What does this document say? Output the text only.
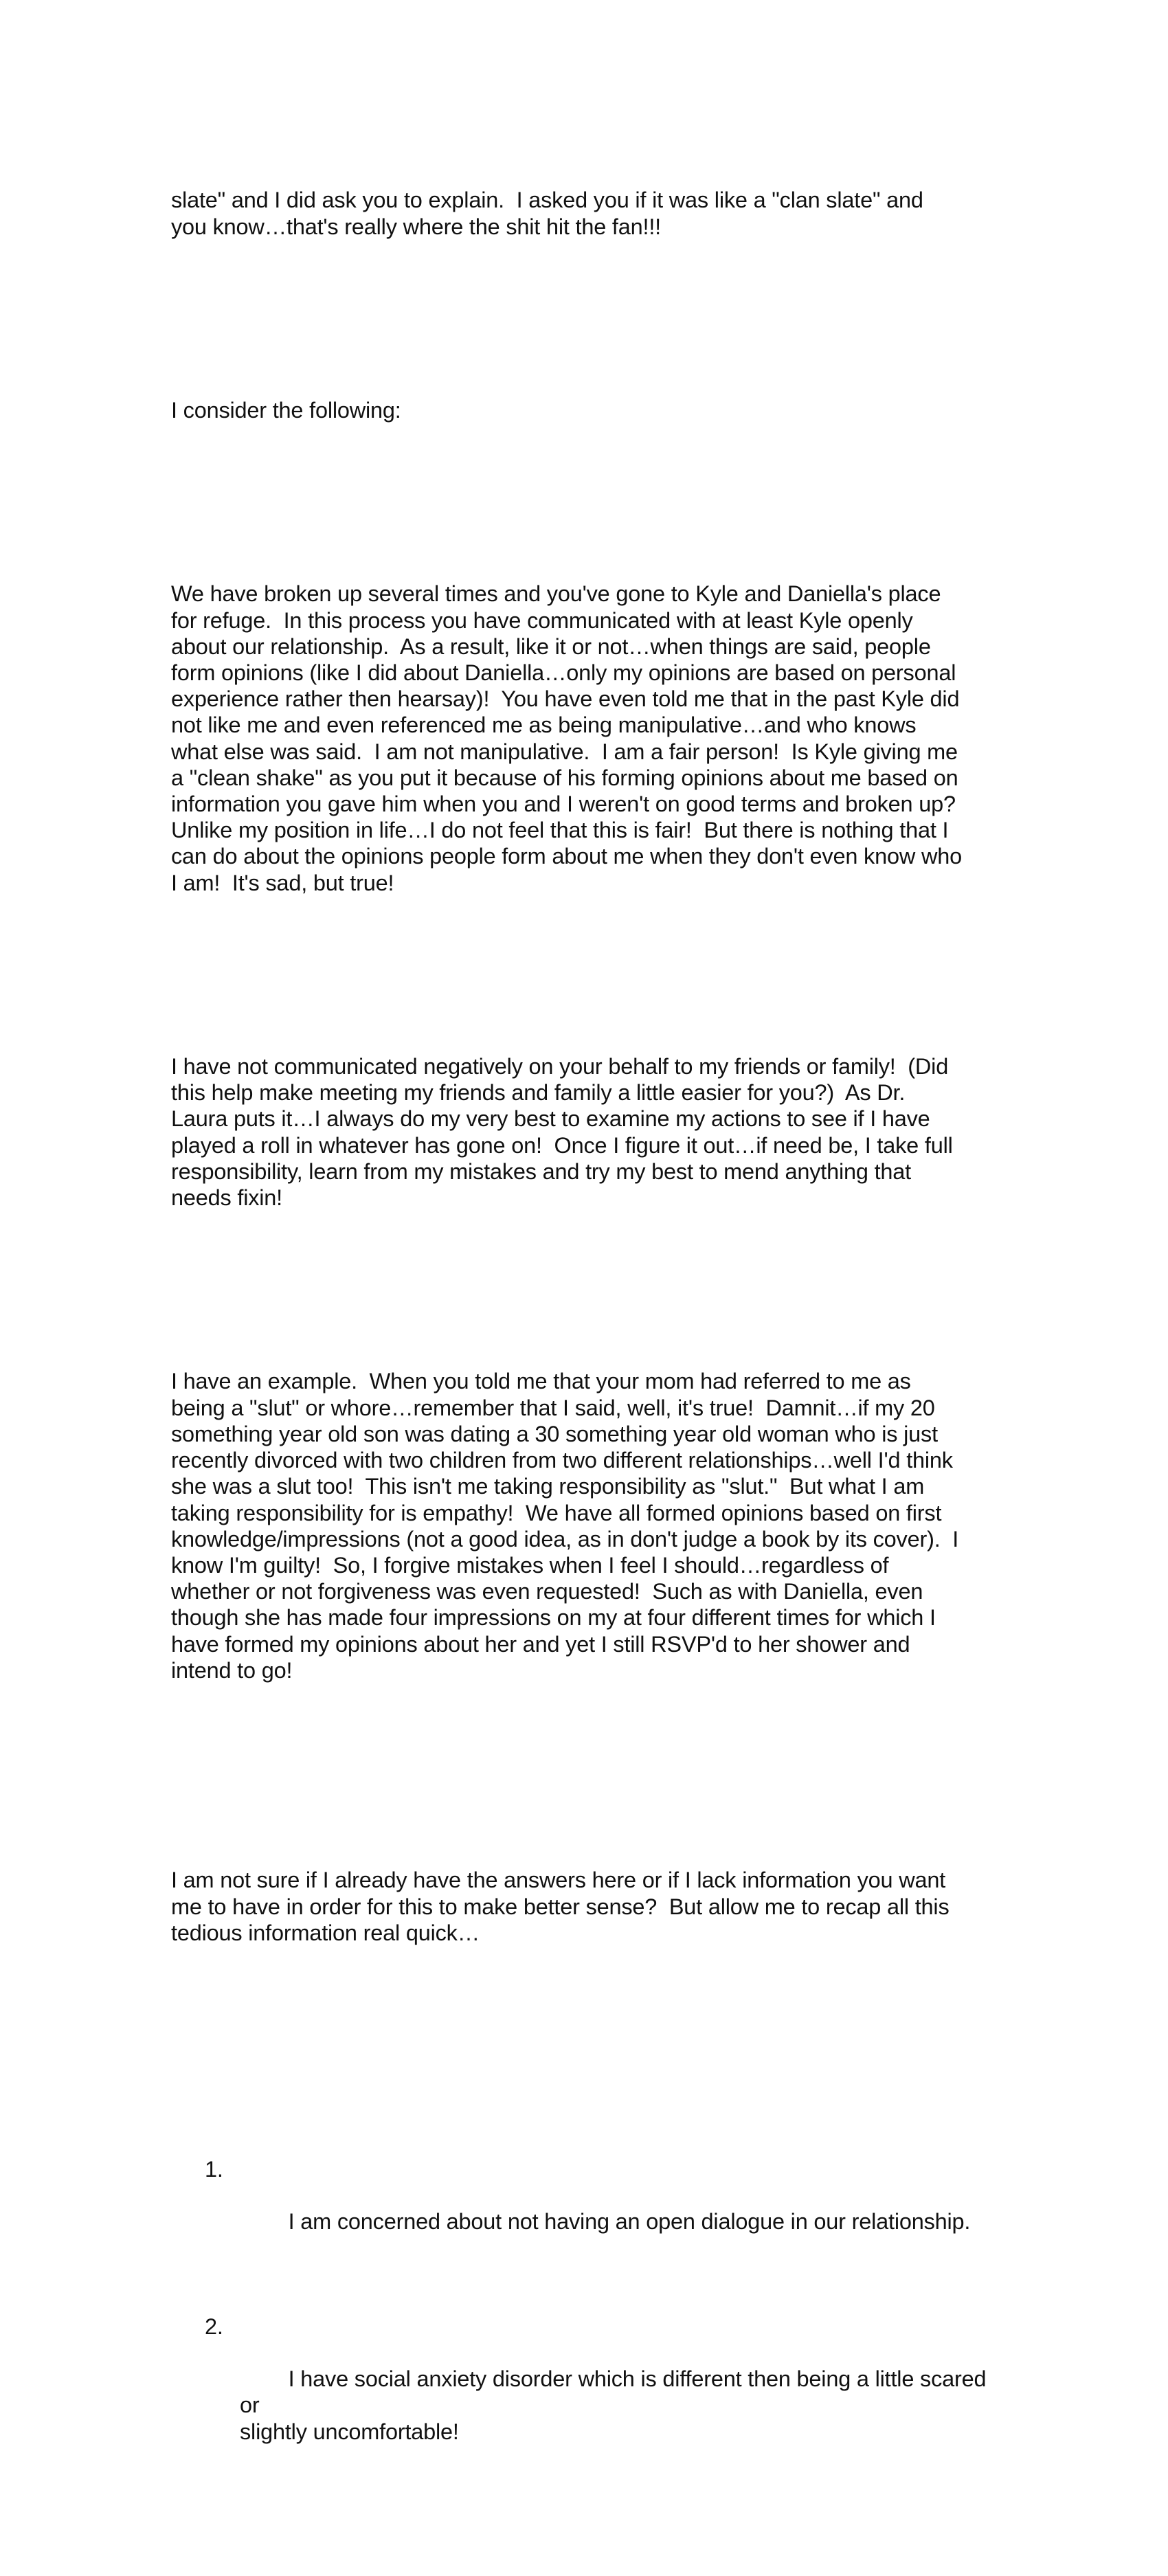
slate" and I did ask you to explain.  I asked you if it was like a "clan slate" and
you know…that's really where the shit hit the fan!!!

I consider the following:

We have broken up several times and you've gone to Kyle and Daniella's place
for refuge.  In this process you have communicated with at least Kyle openly
about our relationship.  As a result, like it or not…when things are said, people
form opinions (like I did about Daniella…only my opinions are based on personal
experience rather then hearsay)!  You have even told me that in the past Kyle did
not like me and even referenced me as being manipulative…and who knows
what else was said.  I am not manipulative.  I am a fair person!  Is Kyle giving me
a "clean shake" as you put it because of his forming opinions about me based on
information you gave him when you and I weren't on good terms and broken up?
Unlike my position in life…I do not feel that this is fair!  But there is nothing that I
can do about the opinions people form about me when they don't even know who
I am!  It's sad, but true!

I have not communicated negatively on your behalf to my friends or family!  (Did
this help make meeting my friends and family a little easier for you?)  As Dr.
Laura puts it…I always do my very best to examine my actions to see if I have
played a roll in whatever has gone on!  Once I figure it out…if need be, I take full
responsibility, learn from my mistakes and try my best to mend anything that
needs fixin!

I have an example.  When you told me that your mom had referred to me as
being a "slut" or whore…remember that I said, well, it's true!  Damnit…if my 20
something year old son was dating a 30 something year old woman who is just
recently divorced with two children from two different relationships…well I'd think
she was a slut too!  This isn't me taking responsibility as "slut."  But what I am
taking responsibility for is empathy!  We have all formed opinions based on first
knowledge/impressions (not a good idea, as in don't judge a book by its cover).  I
know I'm guilty!  So, I forgive mistakes when I feel I should…regardless of
whether or not forgiveness was even requested!  Such as with Daniella, even
though she has made four impressions on my at four different times for which I
have formed my opinions about her and yet I still RSVP'd to her shower and
intend to go!

I am not sure if I already have the answers here or if I lack information you want
me to have in order for this to make better sense?  But allow me to recap all this
tedious information real quick…

1.

I am concerned about not having an open dialogue in our relationship.

2.

I have social anxiety disorder which is different then being a little scared or
slightly uncomfortable!
